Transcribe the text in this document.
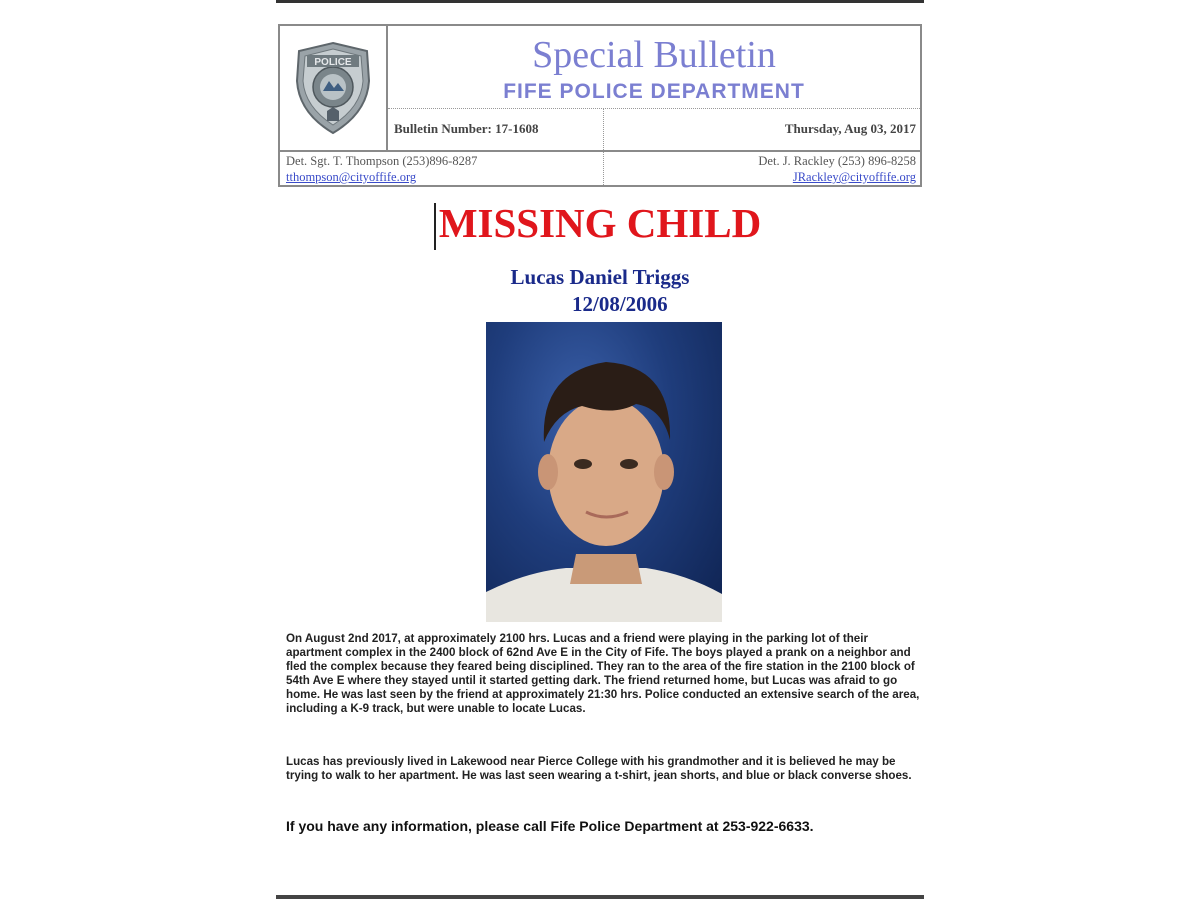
POLICE	Special Bulletin
FIFE POLICE DEPARTMENT
Bulletin Number: 17-1608	Thursday, Aug 03, 2017
Det. Sgt. T. Thompson (253)896-8287
tthompson@cityoffife.org
Det. J. Rackley (253) 896-8258
JRackley@cityoffife.org
MISSING CHILD
Lucas Daniel Triggs
12/08/2006

On August 2nd 2017, at approximately 2100 hrs. Lucas and a friend were playing in the parking lot of their apartment complex in the 2400 block of 62nd Ave E in the City of Fife. The boys played a prank on a neighbor and fled the complex because they feared being disciplined. They ran to the area of the fire station in the 2100 block of 54th Ave E where they stayed until it started getting dark. The friend returned home, but Lucas was afraid to go home. He was last seen by the friend at approximately 21:30 hrs. Police conducted an extensive search of the area, including a K-9 track, but were unable to locate Lucas.

Lucas has previously lived in Lakewood near Pierce College with his grandmother and it is believed he may be trying to walk to her apartment. He was last seen wearing a t-shirt, jean shorts, and blue or black converse shoes.

If you have any information, please call Fife Police Department at 253-922-6633.
